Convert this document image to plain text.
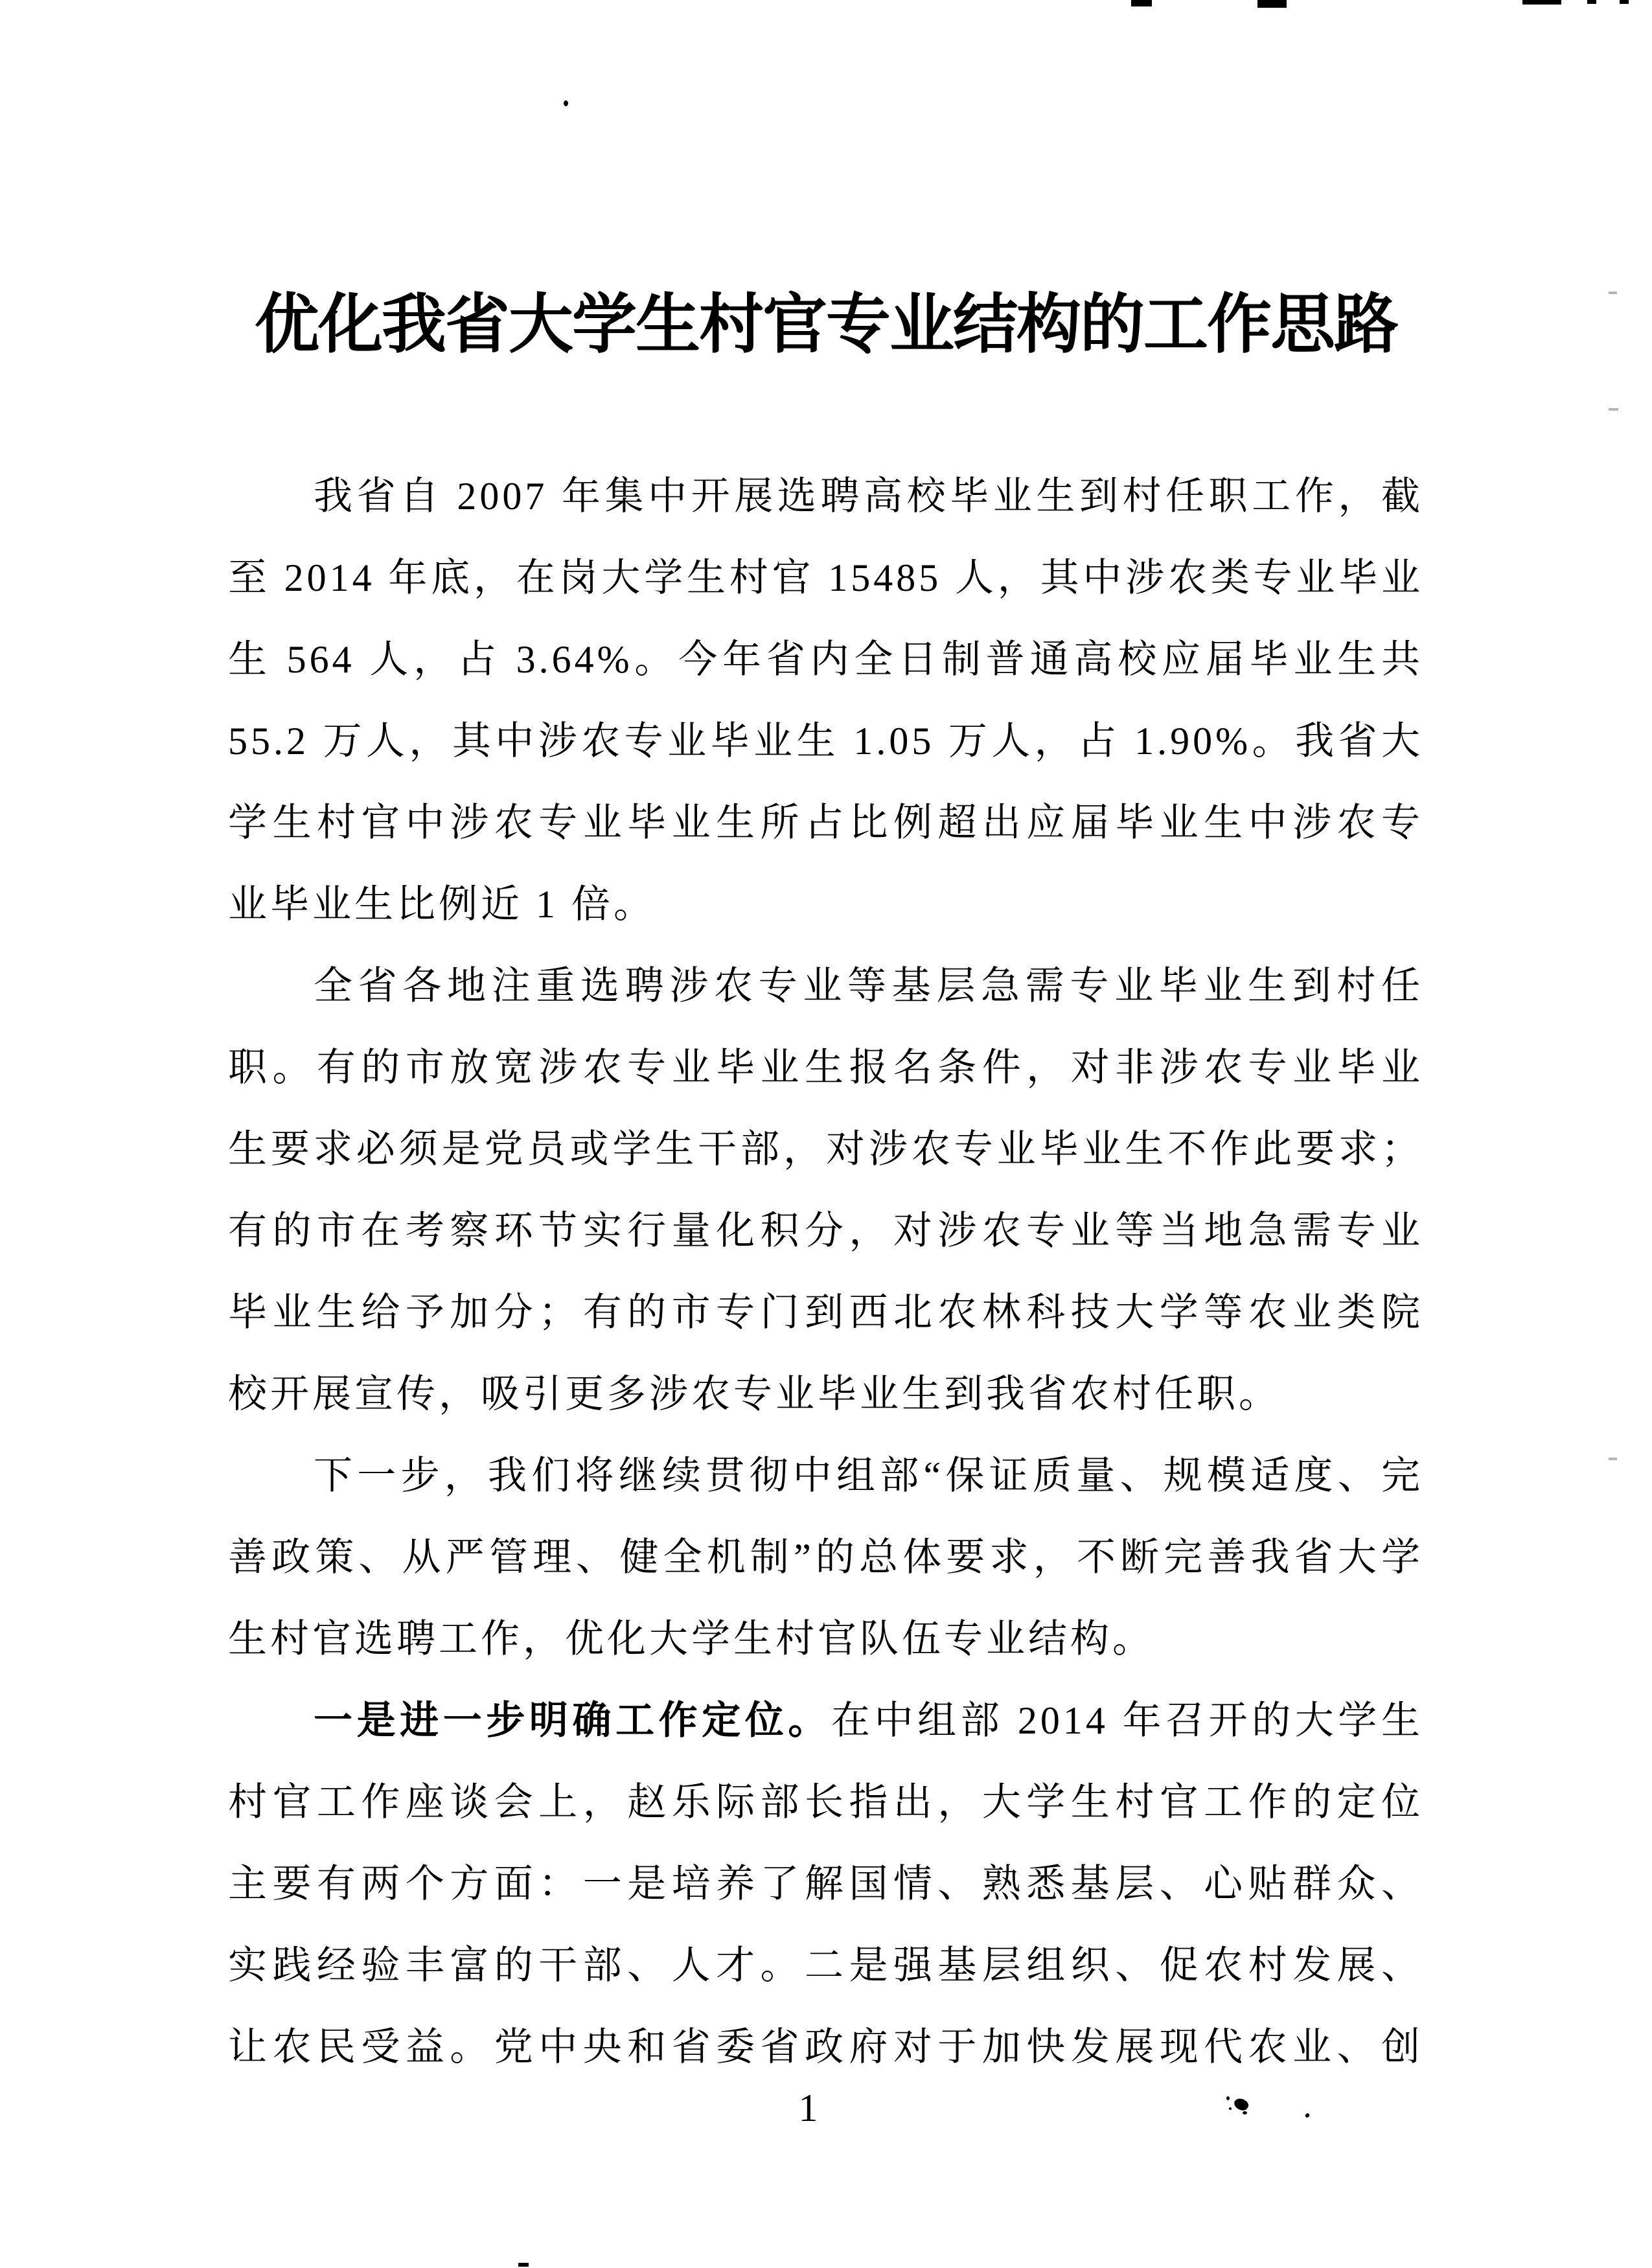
优化我省大学生村官专业结构的工作思路
我省自 2007 年集中开展选聘高校毕业生到村任职工作，截
至 2014 年底，在岗大学生村官 15485 人，其中涉农类专业毕业
生 564 人，占 3.64%。今年省内全日制普通高校应届毕业生共
55.2 万人，其中涉农专业毕业生 1.05 万人，占 1.90%。我省大
学生村官中涉农专业毕业生所占比例超出应届毕业生中涉农专
业毕业生比例近 1 倍。
全省各地注重选聘涉农专业等基层急需专业毕业生到村任
职。有的市放宽涉农专业毕业生报名条件，对非涉农专业毕业
生要求必须是党员或学生干部，对涉农专业毕业生不作此要求；
有的市在考察环节实行量化积分，对涉农专业等当地急需专业
毕业生给予加分；有的市专门到西北农林科技大学等农业类院
校开展宣传，吸引更多涉农专业毕业生到我省农村任职。
下一步，我们将继续贯彻中组部“保证质量、规模适度、完
善政策、从严管理、健全机制”的总体要求，不断完善我省大学
生村官选聘工作，优化大学生村官队伍专业结构。
一是进一步明确工作定位。在中组部 2014 年召开的大学生
村官工作座谈会上，赵乐际部长指出，大学生村官工作的定位
主要有两个方面：一是培养了解国情、熟悉基层、心贴群众、
实践经验丰富的干部、人才。二是强基层组织、促农村发展、
让农民受益。党中央和省委省政府对于加快发展现代农业、创
1
